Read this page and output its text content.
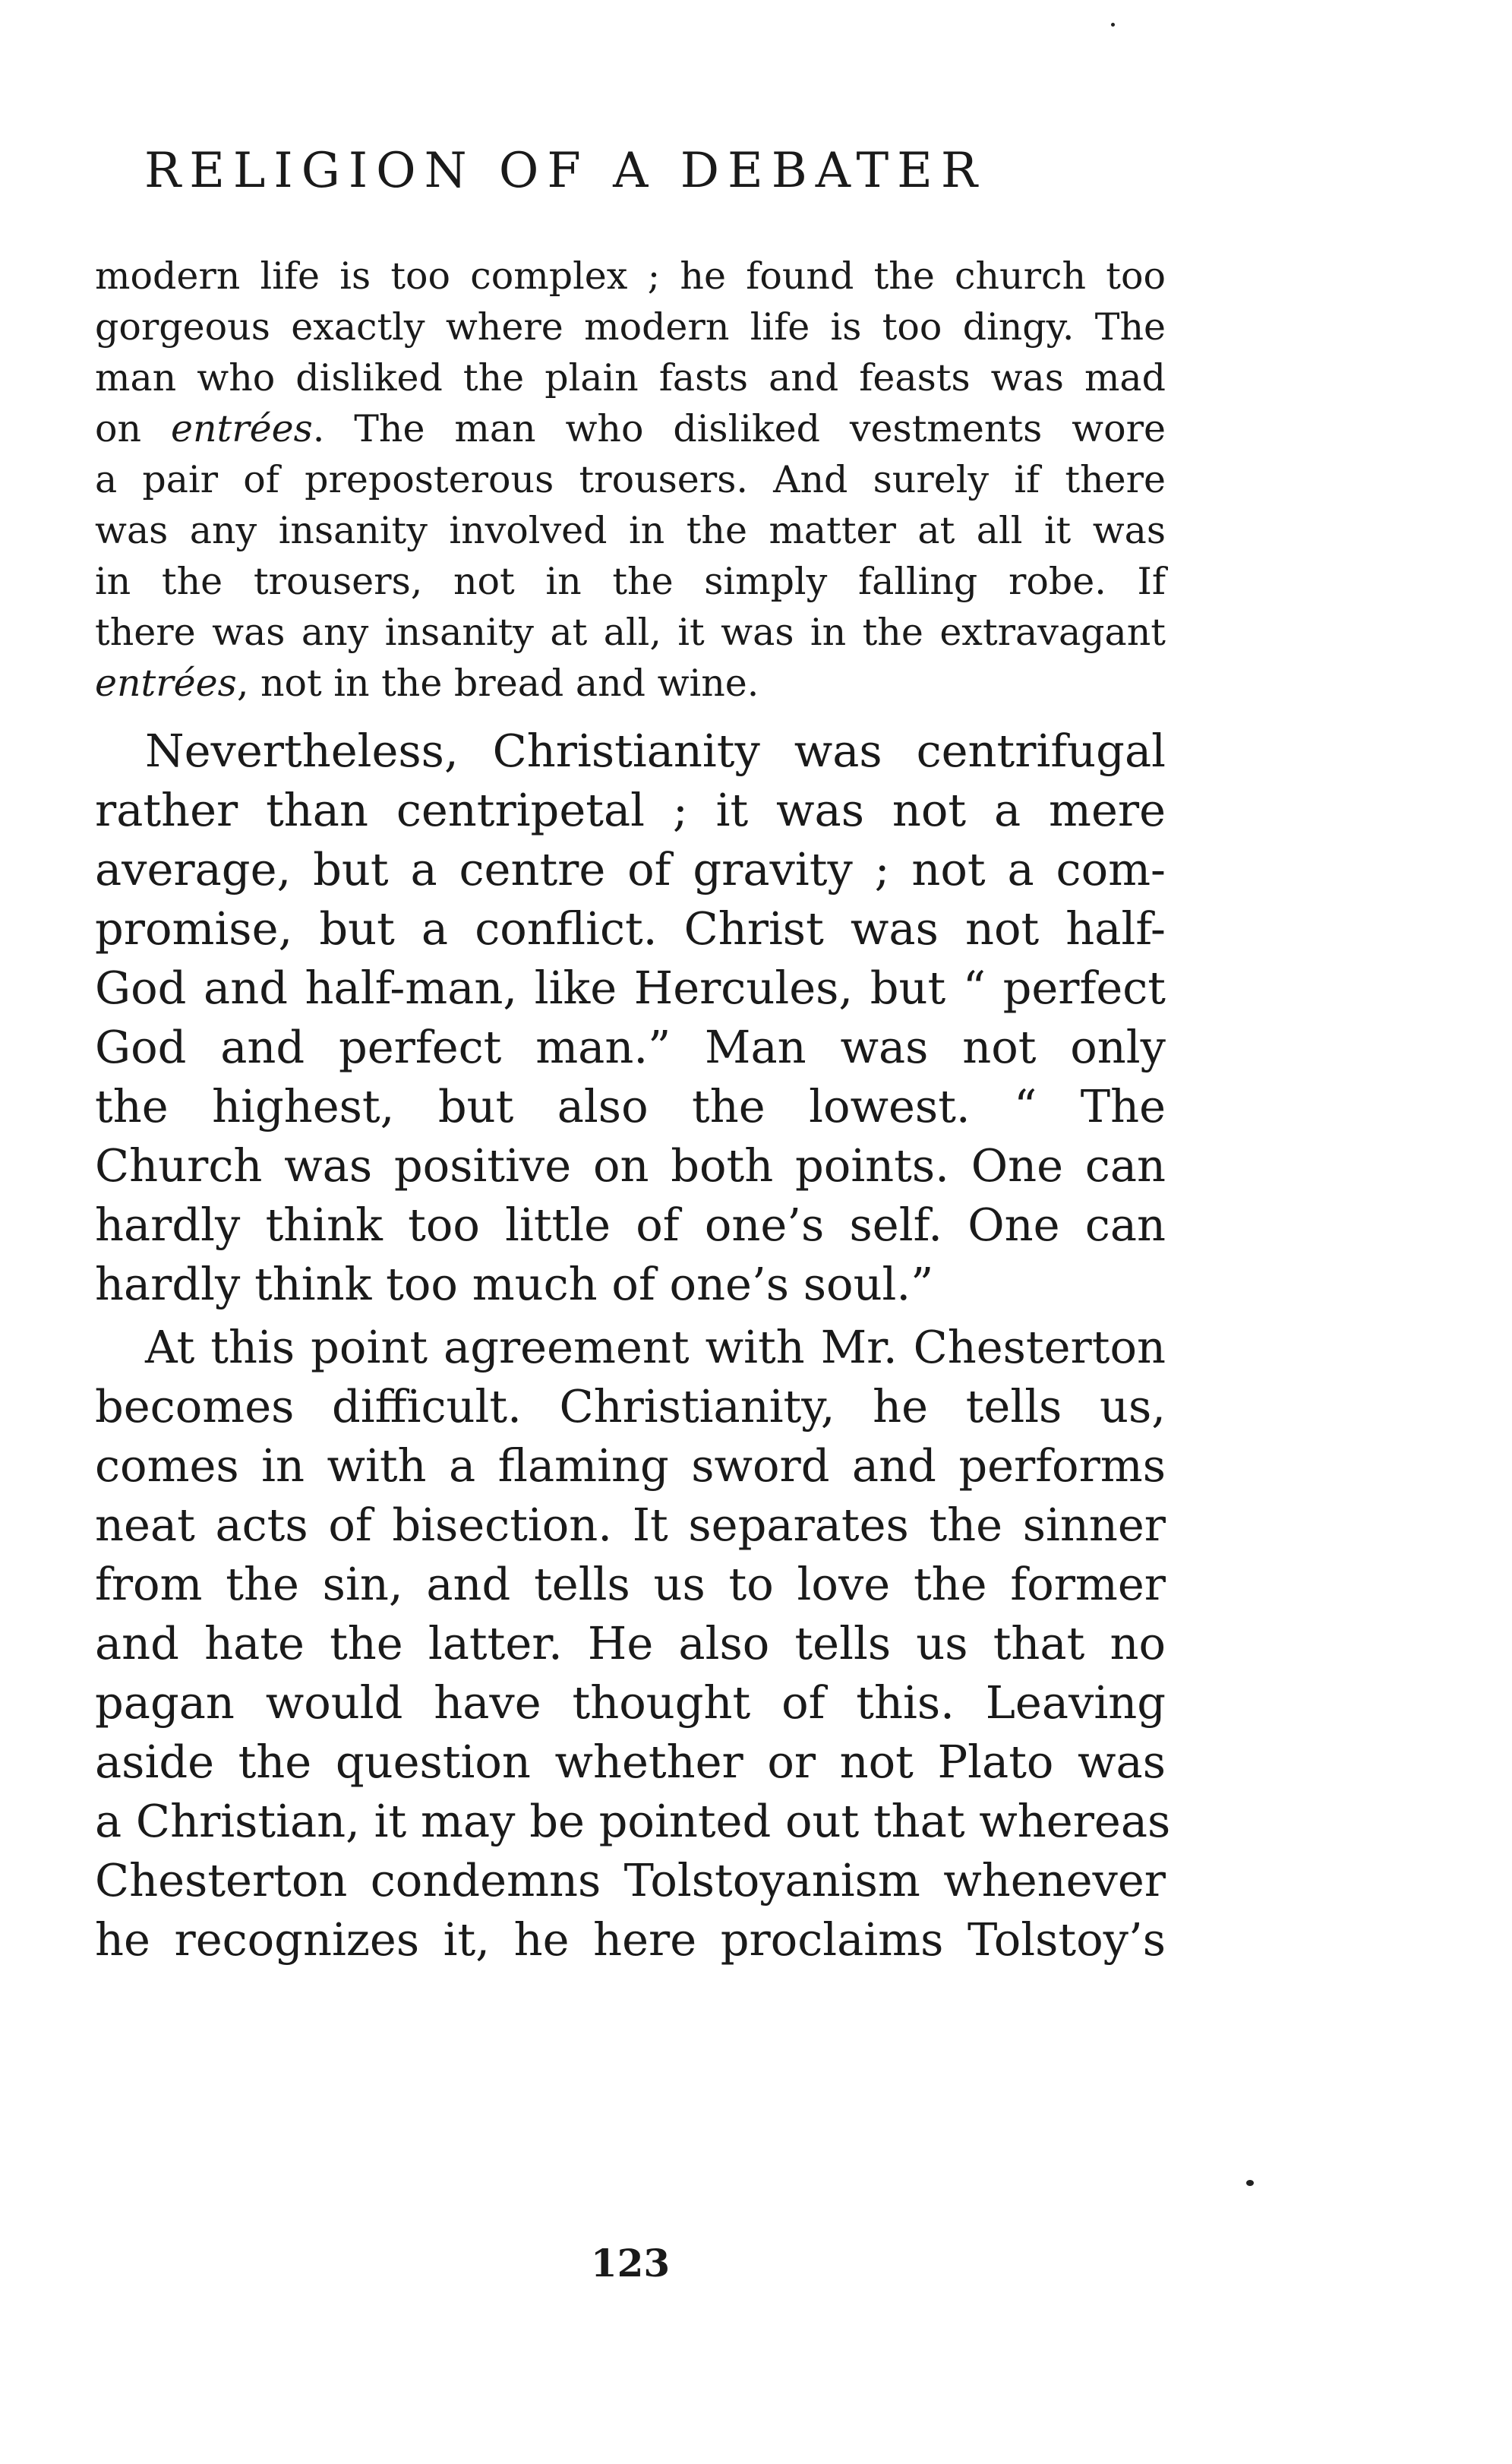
RELIGION OF A DEBATER

modern life is too complex ; he found the church too
gorgeous exactly where modern life is too dingy. The
man who disliked the plain fasts and feasts was mad
on entrées. The man who disliked vestments wore
a pair of preposterous trousers. And surely if there
was any insanity involved in the matter at all it was
in the trousers, not in the simply falling robe. If
there was any insanity at all, it was in the extravagant
entrées, not in the bread and wine.

Nevertheless, Christianity was centrifugal
rather than centripetal ; it was not a mere
average, but a centre of gravity ; not a com-
promise, but a conflict. Christ was not half-
God and half-man, like Hercules, but “ perfect
God and perfect man.” Man was not only
the highest, but also the lowest. “ The
Church was positive on both points. One can
hardly think too little of one’s self. One can
hardly think too much of one’s soul.”

At this point agreement with Mr. Chesterton
becomes difficult. Christianity, he tells us,
comes in with a flaming sword and performs
neat acts of bisection. It separates the sinner
from the sin, and tells us to love the former
and hate the latter. He also tells us that no
pagan would have thought of this. Leaving
aside the question whether or not Plato was
a Christian, it may be pointed out that whereas
Chesterton condemns Tolstoyanism whenever
he recognizes it, he here proclaims Tolstoy’s

123
